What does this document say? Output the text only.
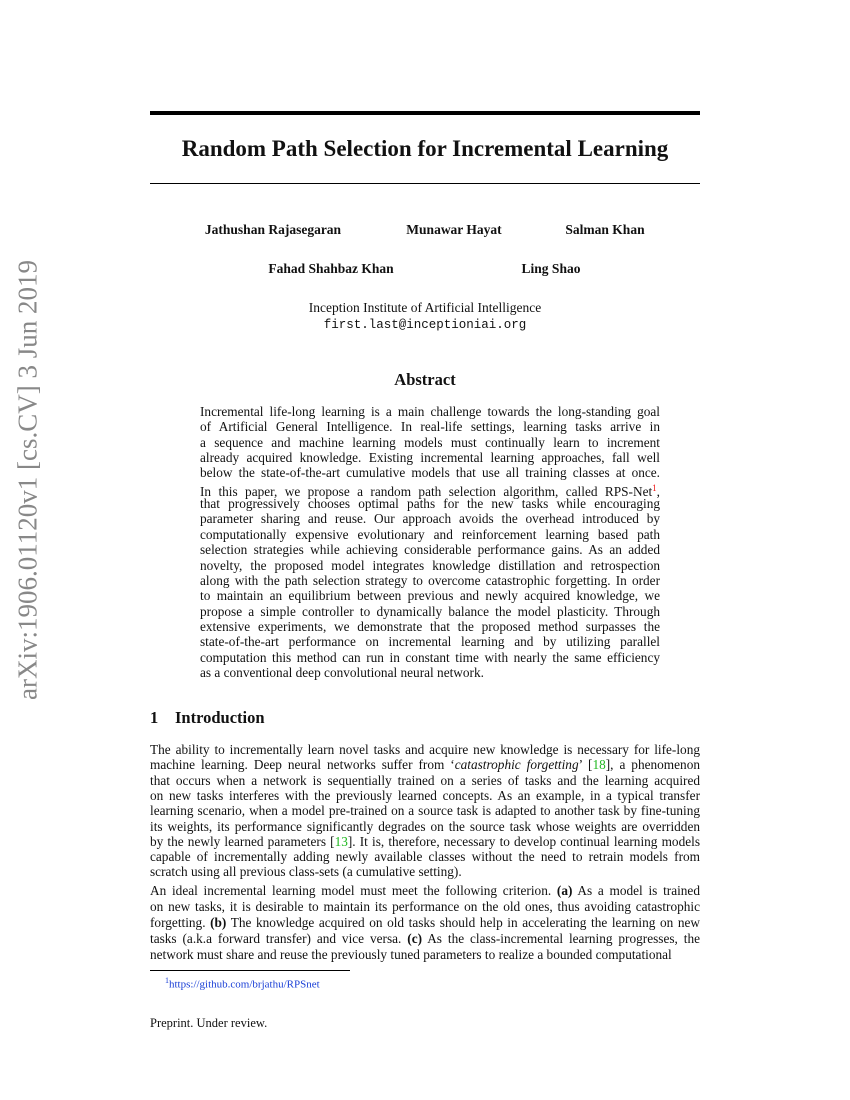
arXiv:1906.01120v1 [cs.CV] 3 Jun 2019
Random Path Selection for Incremental Learning
Jathushan Rajasegaran	Munawar Hayat	Salman Khan
Fahad Shahbaz Khan	Ling Shao
Inception Institute of Artificial Intelligence
first.last@inceptioniai.org
Abstract
Incremental life-long learning is a main challenge towards the long-standing goal
of Artificial General Intelligence. In real-life settings, learning tasks arrive in
a sequence and machine learning models must continually learn to increment
already acquired knowledge. Existing incremental learning approaches, fall well
below the state-of-the-art cumulative models that use all training classes at once.
In this paper, we propose a random path selection algorithm, called RPS-Net$^1$,
that progressively chooses optimal paths for the new tasks while encouraging
parameter sharing and reuse. Our approach avoids the overhead introduced by
computationally expensive evolutionary and reinforcement learning based path
selection strategies while achieving considerable performance gains. As an added
novelty, the proposed model integrates knowledge distillation and retrospection
along with the path selection strategy to overcome catastrophic forgetting. In order
to maintain an equilibrium between previous and newly acquired knowledge, we
propose a simple controller to dynamically balance the model plasticity. Through
extensive experiments, we demonstrate that the proposed method surpasses the
state-of-the-art performance on incremental learning and by utilizing parallel
computation this method can run in constant time with nearly the same efficiency
as a conventional deep convolutional neural network.
1 Introduction
The ability to incrementally learn novel tasks and acquire new knowledge is necessary for life-long
machine learning. Deep neural networks suffer from ‘catastrophic forgetting’ [18], a phenomenon
that occurs when a network is sequentially trained on a series of tasks and the learning acquired
on new tasks interferes with the previously learned concepts. As an example, in a typical transfer
learning scenario, when a model pre-trained on a source task is adapted to another task by fine-tuning
its weights, its performance significantly degrades on the source task whose weights are overridden
by the newly learned parameters [13]. It is, therefore, necessary to develop continual learning models
capable of incrementally adding newly available classes without the need to retrain models from
scratch using all previous class-sets (a cumulative setting).
An ideal incremental learning model must meet the following criterion. (a) As a model is trained
on new tasks, it is desirable to maintain its performance on the old ones, thus avoiding catastrophic
forgetting. (b) The knowledge acquired on old tasks should help in accelerating the learning on new
tasks (a.k.a forward transfer) and vice versa. (c) As the class-incremental learning progresses, the
network must share and reuse the previously tuned parameters to realize a bounded computational
$^1$https://github.com/brjathu/RPSnet
Preprint. Under review.
